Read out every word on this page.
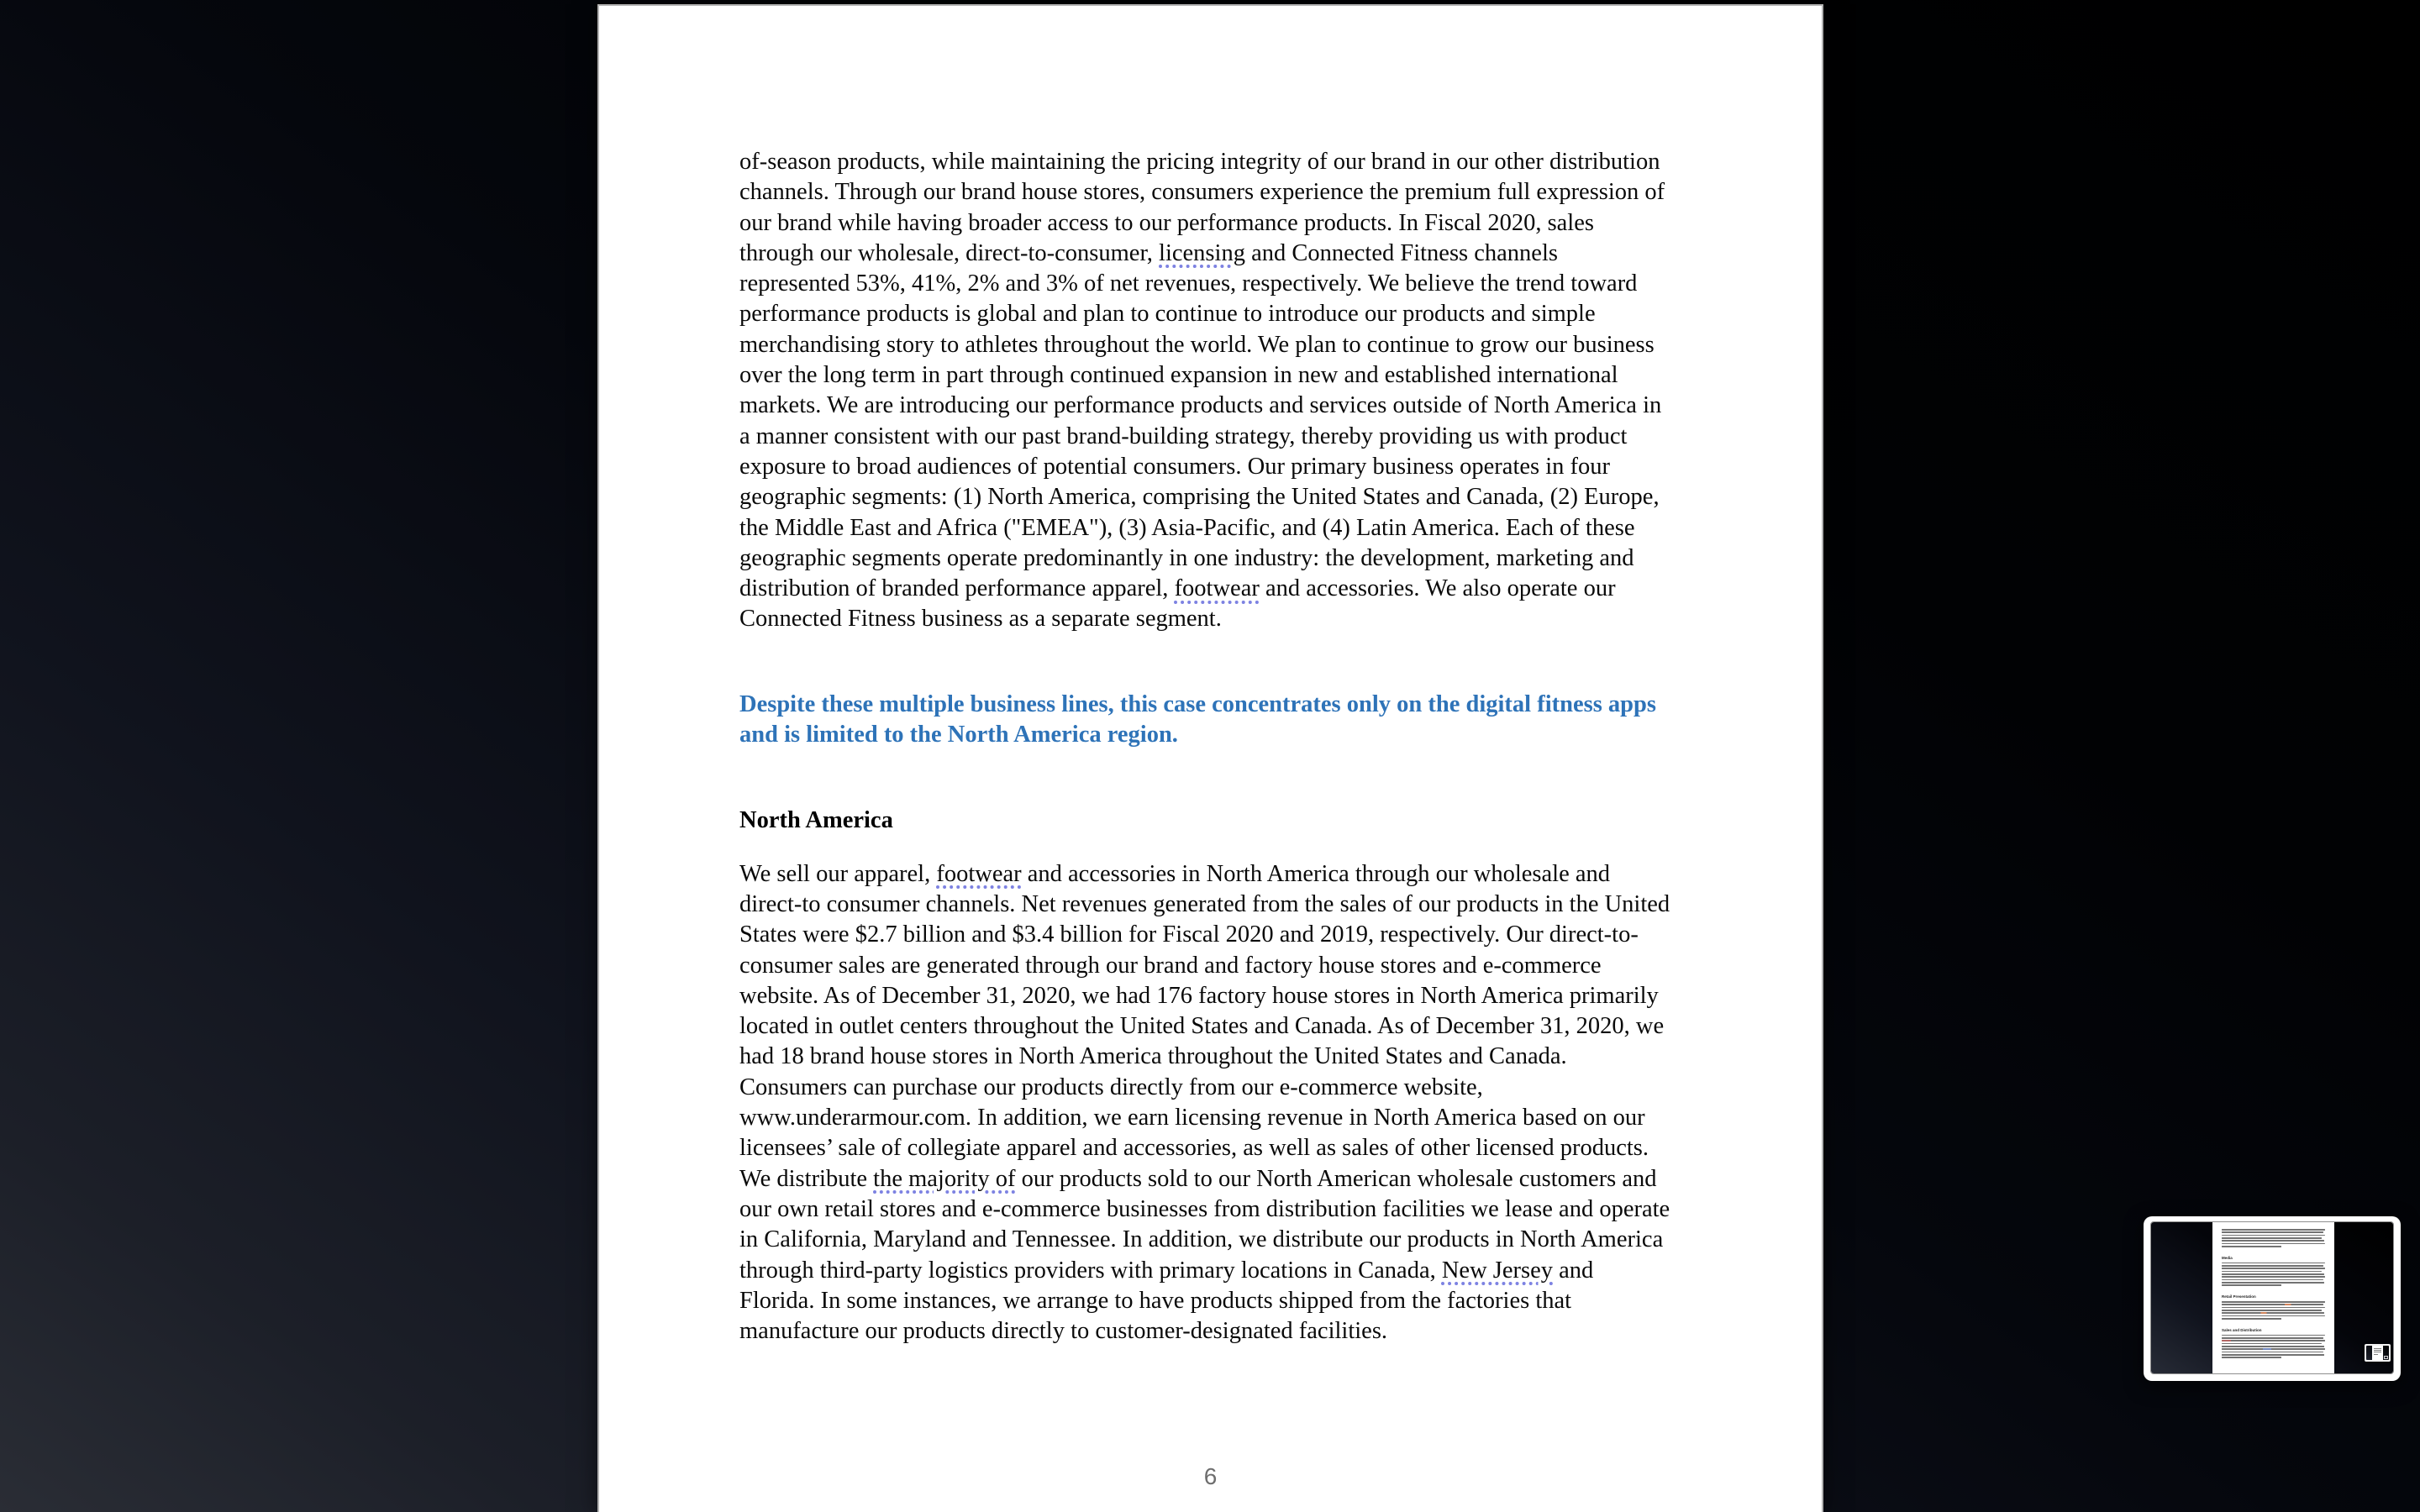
of-season products, while maintaining the pricing integrity of our brand in our other distribution
channels. Through our brand house stores, consumers experience the premium full expression of
our brand while having broader access to our performance products. In Fiscal 2020, sales
through our wholesale, direct-to-consumer, licensing and Connected Fitness channels
represented 53%, 41%, 2% and 3% of net revenues, respectively. We believe the trend toward
performance products is global and plan to continue to introduce our products and simple
merchandising story to athletes throughout the world. We plan to continue to grow our business
over the long term in part through continued expansion in new and established international
markets. We are introducing our performance products and services outside of North America in
a manner consistent with our past brand-building strategy, thereby providing us with product
exposure to broad audiences of potential consumers. Our primary business operates in four
geographic segments: (1) North America, comprising the United States and Canada, (2) Europe,
the Middle East and Africa ("EMEA"), (3) Asia-Pacific, and (4) Latin America. Each of these
geographic segments operate predominantly in one industry: the development, marketing and
distribution of branded performance apparel, footwear and accessories. We also operate our
Connected Fitness business as a separate segment.
Despite these multiple business lines, this case concentrates only on the digital fitness apps
and is limited to the North America region.
North America
We sell our apparel, footwear and accessories in North America through our wholesale and
direct-to consumer channels. Net revenues generated from the sales of our products in the United
States were $2.7 billion and $3.4 billion for Fiscal 2020 and 2019, respectively. Our direct-to-
consumer sales are generated through our brand and factory house stores and e-commerce
website. As of December 31, 2020, we had 176 factory house stores in North America primarily
located in outlet centers throughout the United States and Canada. As of December 31, 2020, we
had 18 brand house stores in North America throughout the United States and Canada.
Consumers can purchase our products directly from our e-commerce website,
www.underarmour.com. In addition, we earn licensing revenue in North America based on our
licensees’ sale of collegiate apparel and accessories, as well as sales of other licensed products.
We distribute the majority of our products sold to our North American wholesale customers and
our own retail stores and e-commerce businesses from distribution facilities we lease and operate
in California, Maryland and Tennessee. In addition, we distribute our products in North America
through third-party logistics providers with primary locations in Canada, New Jersey and
Florida. In some instances, we arrange to have products shipped from the factories that
manufacture our products directly to customer-designated facilities.
6
Media
Retail Presentation
Sales and Distribution
